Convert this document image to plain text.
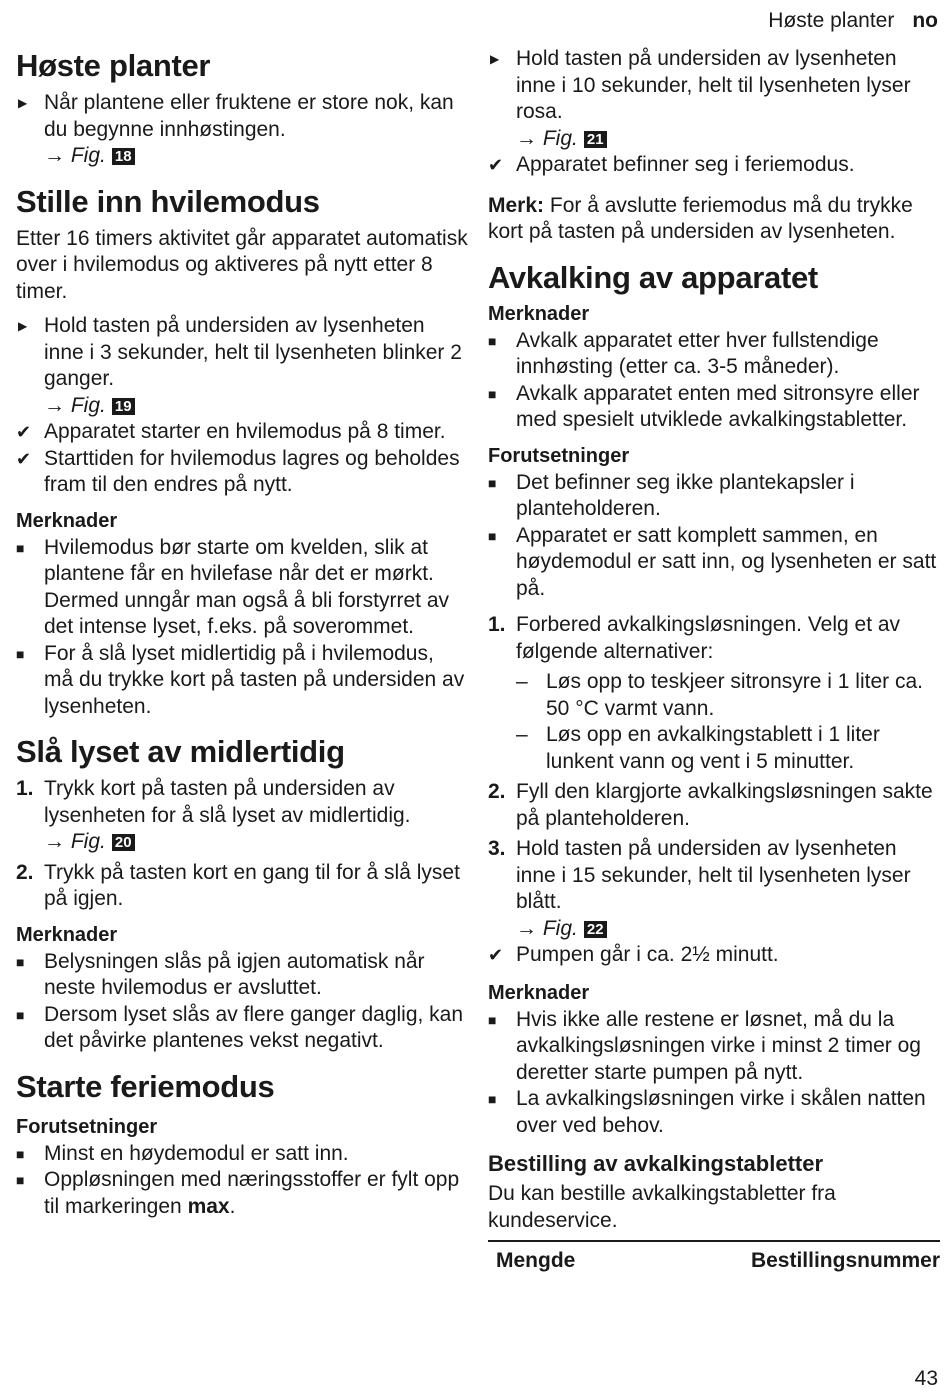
Høste planter no
Høste planter
▶ Når plantene eller fruktene er store nok, kan du begynne innhøstingen.
→ Fig. 18
Stille inn hvilemodus

Etter 16 timers aktivitet går apparatet automatisk over i hvilemodus og aktiveres på nytt etter 8 timer.

▶ Hold tasten på undersiden av lysenheten inne i 3 sekunder, helt til lysenheten blinker 2 ganger.
→ Fig. 19
✔ Apparatet starter en hvilemodus på 8 timer.
✔ Starttiden for hvilemodus lagres og beholdes fram til den endres på nytt.
Merknader
■ Hvilemodus bør starte om kvelden, slik at plantene får en hvilefase når det er mørkt. Dermed unngår man også å bli forstyrret av det intense lyset, f.eks. på soverommet.
■ For å slå lyset midlertidig på i hvilemodus, må du trykke kort på tasten på undersiden av lysenheten.
Slå lyset av midlertidig
1. Trykk kort på tasten på undersiden av lysenheten for å slå lyset av midlertidig.
→ Fig. 20
2. Trykk på tasten kort en gang til for å slå lyset på igjen.
Merknader
■ Belysningen slås på igjen automatisk når neste hvilemodus er avsluttet.
■ Dersom lyset slås av flere ganger daglig, kan det påvirke plantenes vekst negativt.
Starte feriemodus
Forutsetninger
■ Minst en høydemodul er satt inn.
■ Oppløsningen med næringsstoffer er fylt opp til markeringen max.
▶ Hold tasten på undersiden av lysenheten inne i 10 sekunder, helt til lysenheten lyser rosa.
→ Fig. 21
✔ Apparatet befinner seg i feriemodus.

Merk: For å avslutte feriemodus må du trykke kort på tasten på undersiden av lysenheten.

Avkalking av apparatet
Merknader
■ Avkalk apparatet etter hver fullstendige innhøsting (etter ca. 3-5 måneder).
■ Avkalk apparatet enten med sitronsyre eller med spesielt utviklede avkalkingstabletter.
Forutsetninger
■ Det befinner seg ikke plantekapsler i planteholderen.
■ Apparatet er satt komplett sammen, en høydemodul er satt inn, og lysenheten er satt på.
1. Forbered avkalkingsløsningen. Velg et av følgende alternativer:
– Løs opp to teskjeer sitronsyre i 1 liter ca. 50 °C varmt vann.
– Løs opp en avkalkingstablett i 1 liter lunkent vann og vent i 5 minutter.
2. Fyll den klargjorte avkalkingsløsningen sakte på planteholderen.
3. Hold tasten på undersiden av lysenheten inne i 15 sekunder, helt til lysenheten lyser blått.
→ Fig. 22
✔ Pumpen går i ca. 2½ minutt.
Merknader
■ Hvis ikke alle restene er løsnet, må du la avkalkingsløsningen virke i minst 2 timer og deretter starte pumpen på nytt.
■ La avkalkingsløsningen virke i skålen natten over ved behov.
Bestilling av avkalkingstabletter

Du kan bestille avkalkingstabletter fra kundeservice.

Mengde	Bestillingsnummer
43
